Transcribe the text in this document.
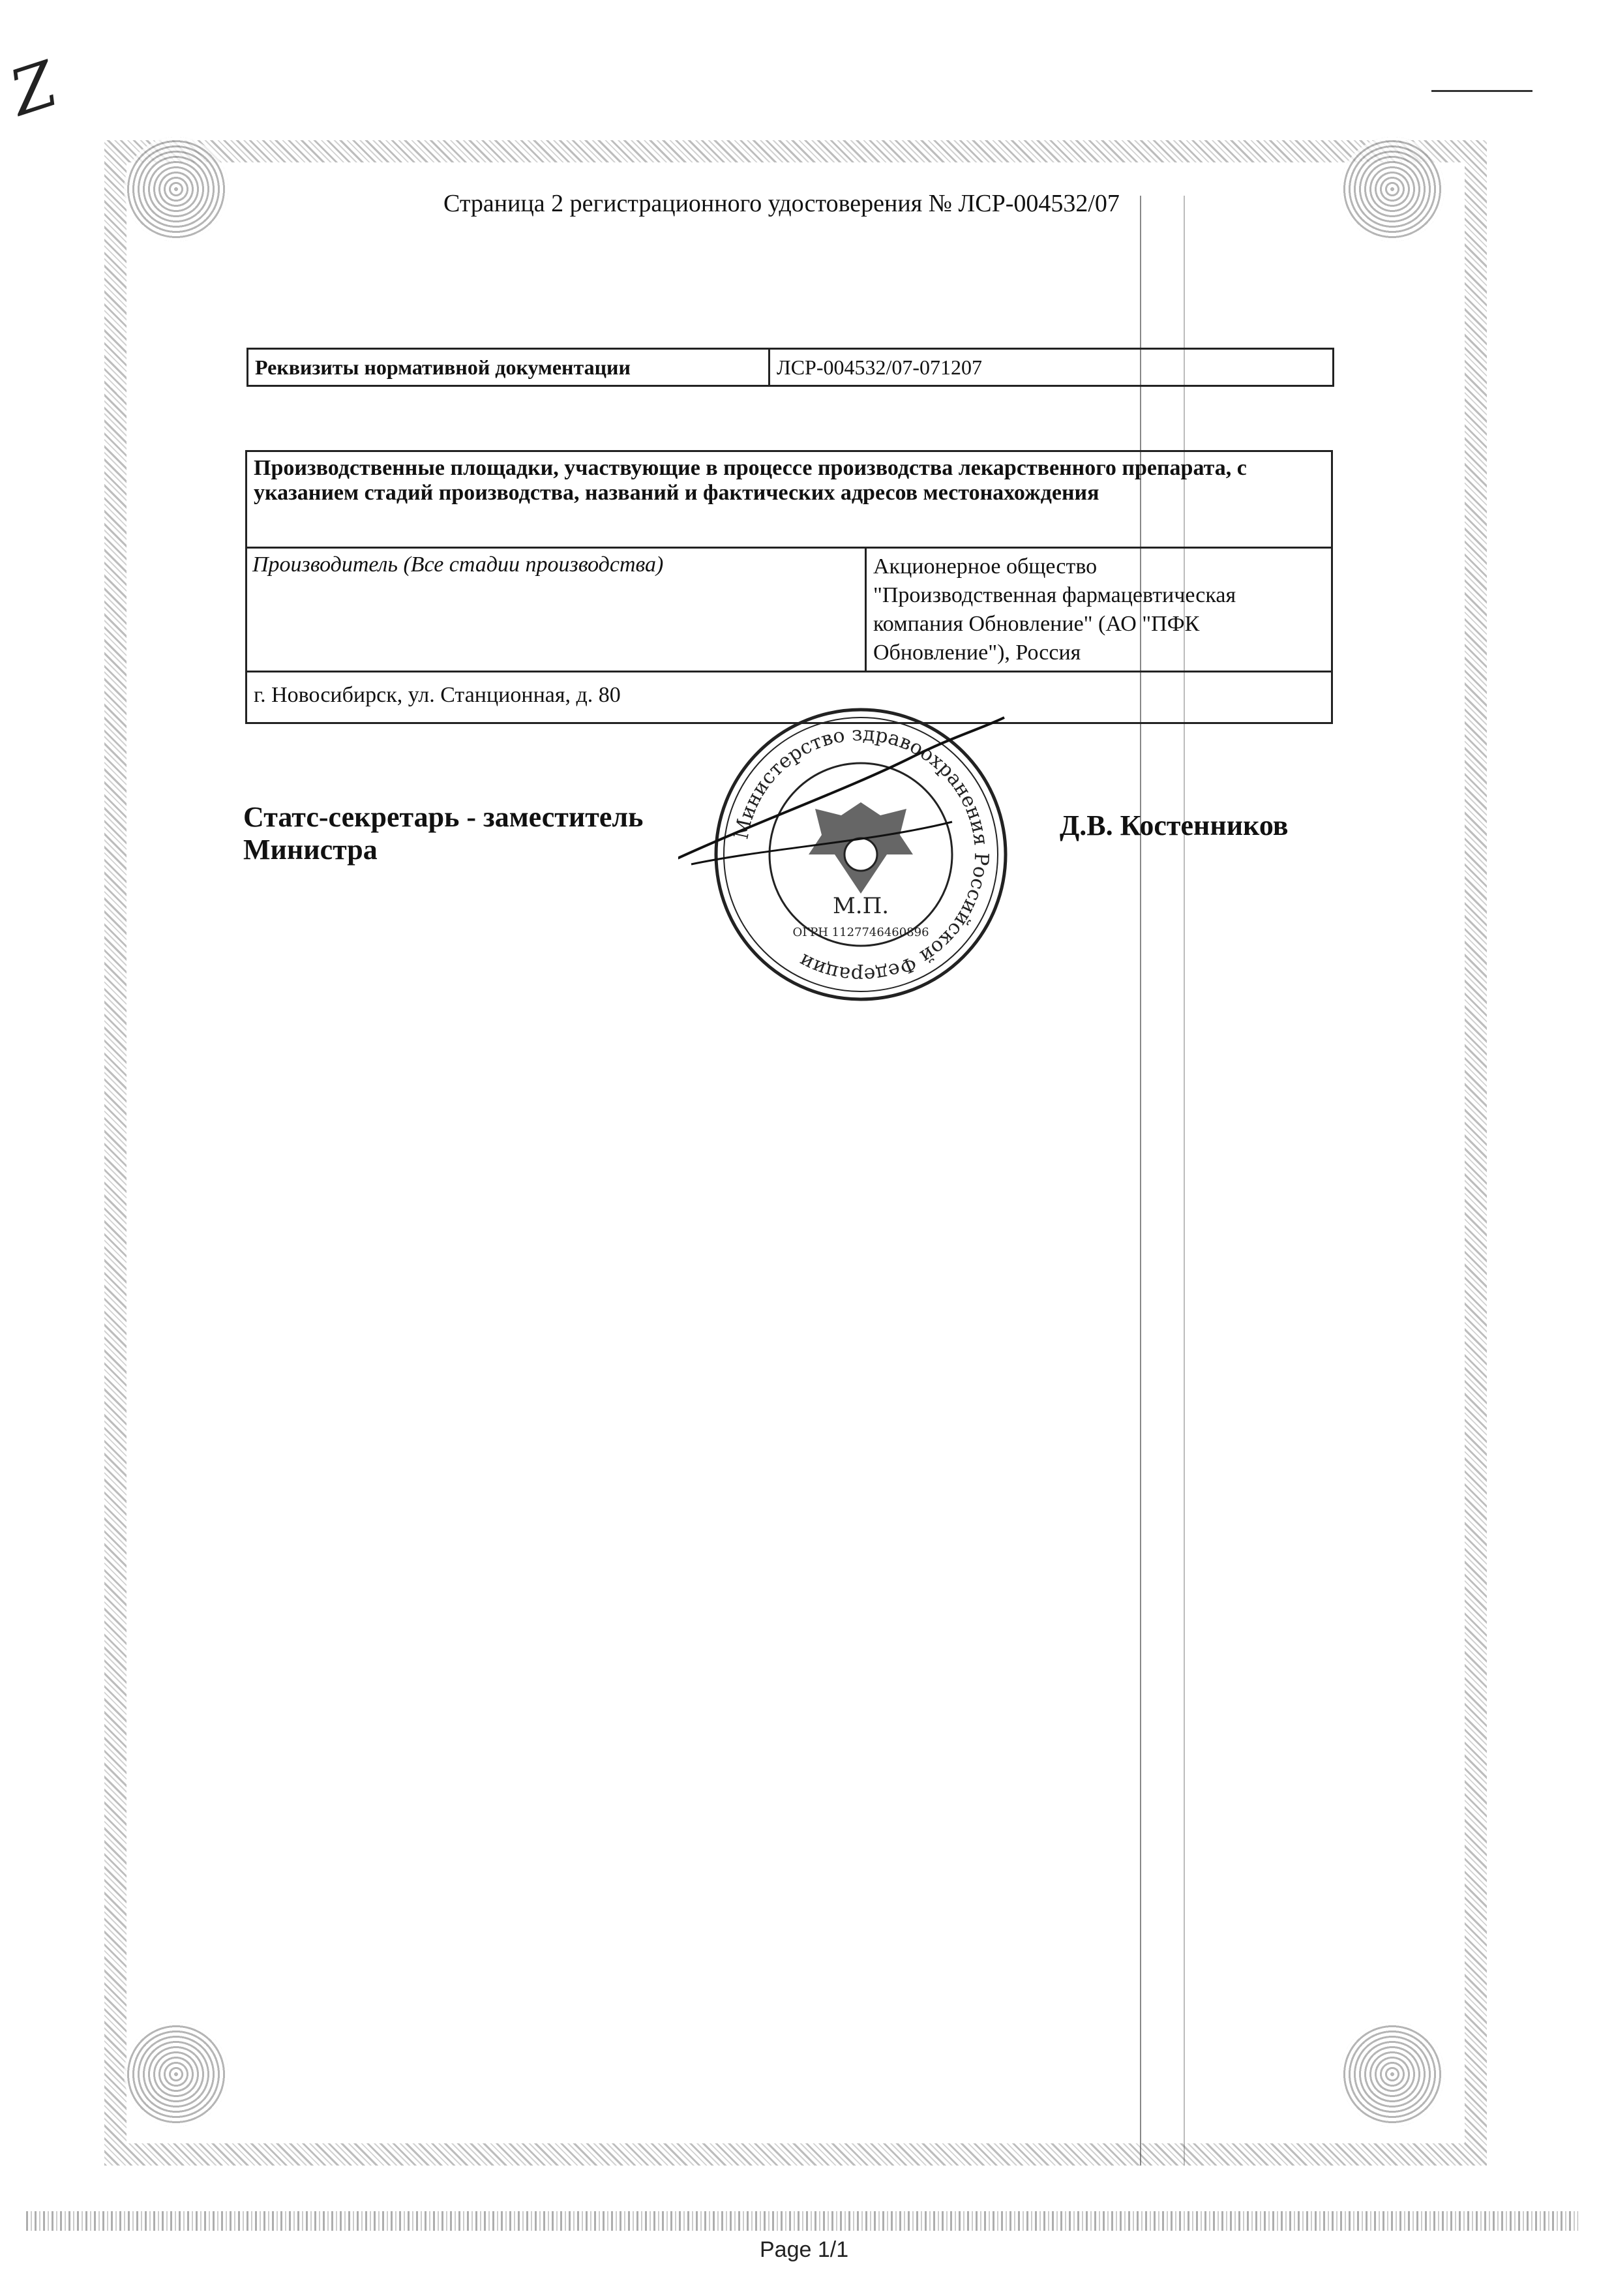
Z
Страница 2 регистрационного удостоверения № ЛСР-004532/07
Реквизиты нормативной документации	ЛСР-004532/07-071207
Производственные площадки, участвующие в процессе производства лекарственного препарата, с указанием стадий производства, названий и фактических адресов местонахождения
Производитель (Все стадии производства)	Акционерное общество
"Производственная фармацевтическая
компания Обновление" (АО "ПФК
Обновление"), Россия
г. Новосибирск, ул. Станционная, д. 80
Статс-секретарь - заместитель
Министра
Д.В. Костенников
Министерство здравоохранения Российской Федерации
М.П.
ОГРН 1127746460896
Page 1/1
